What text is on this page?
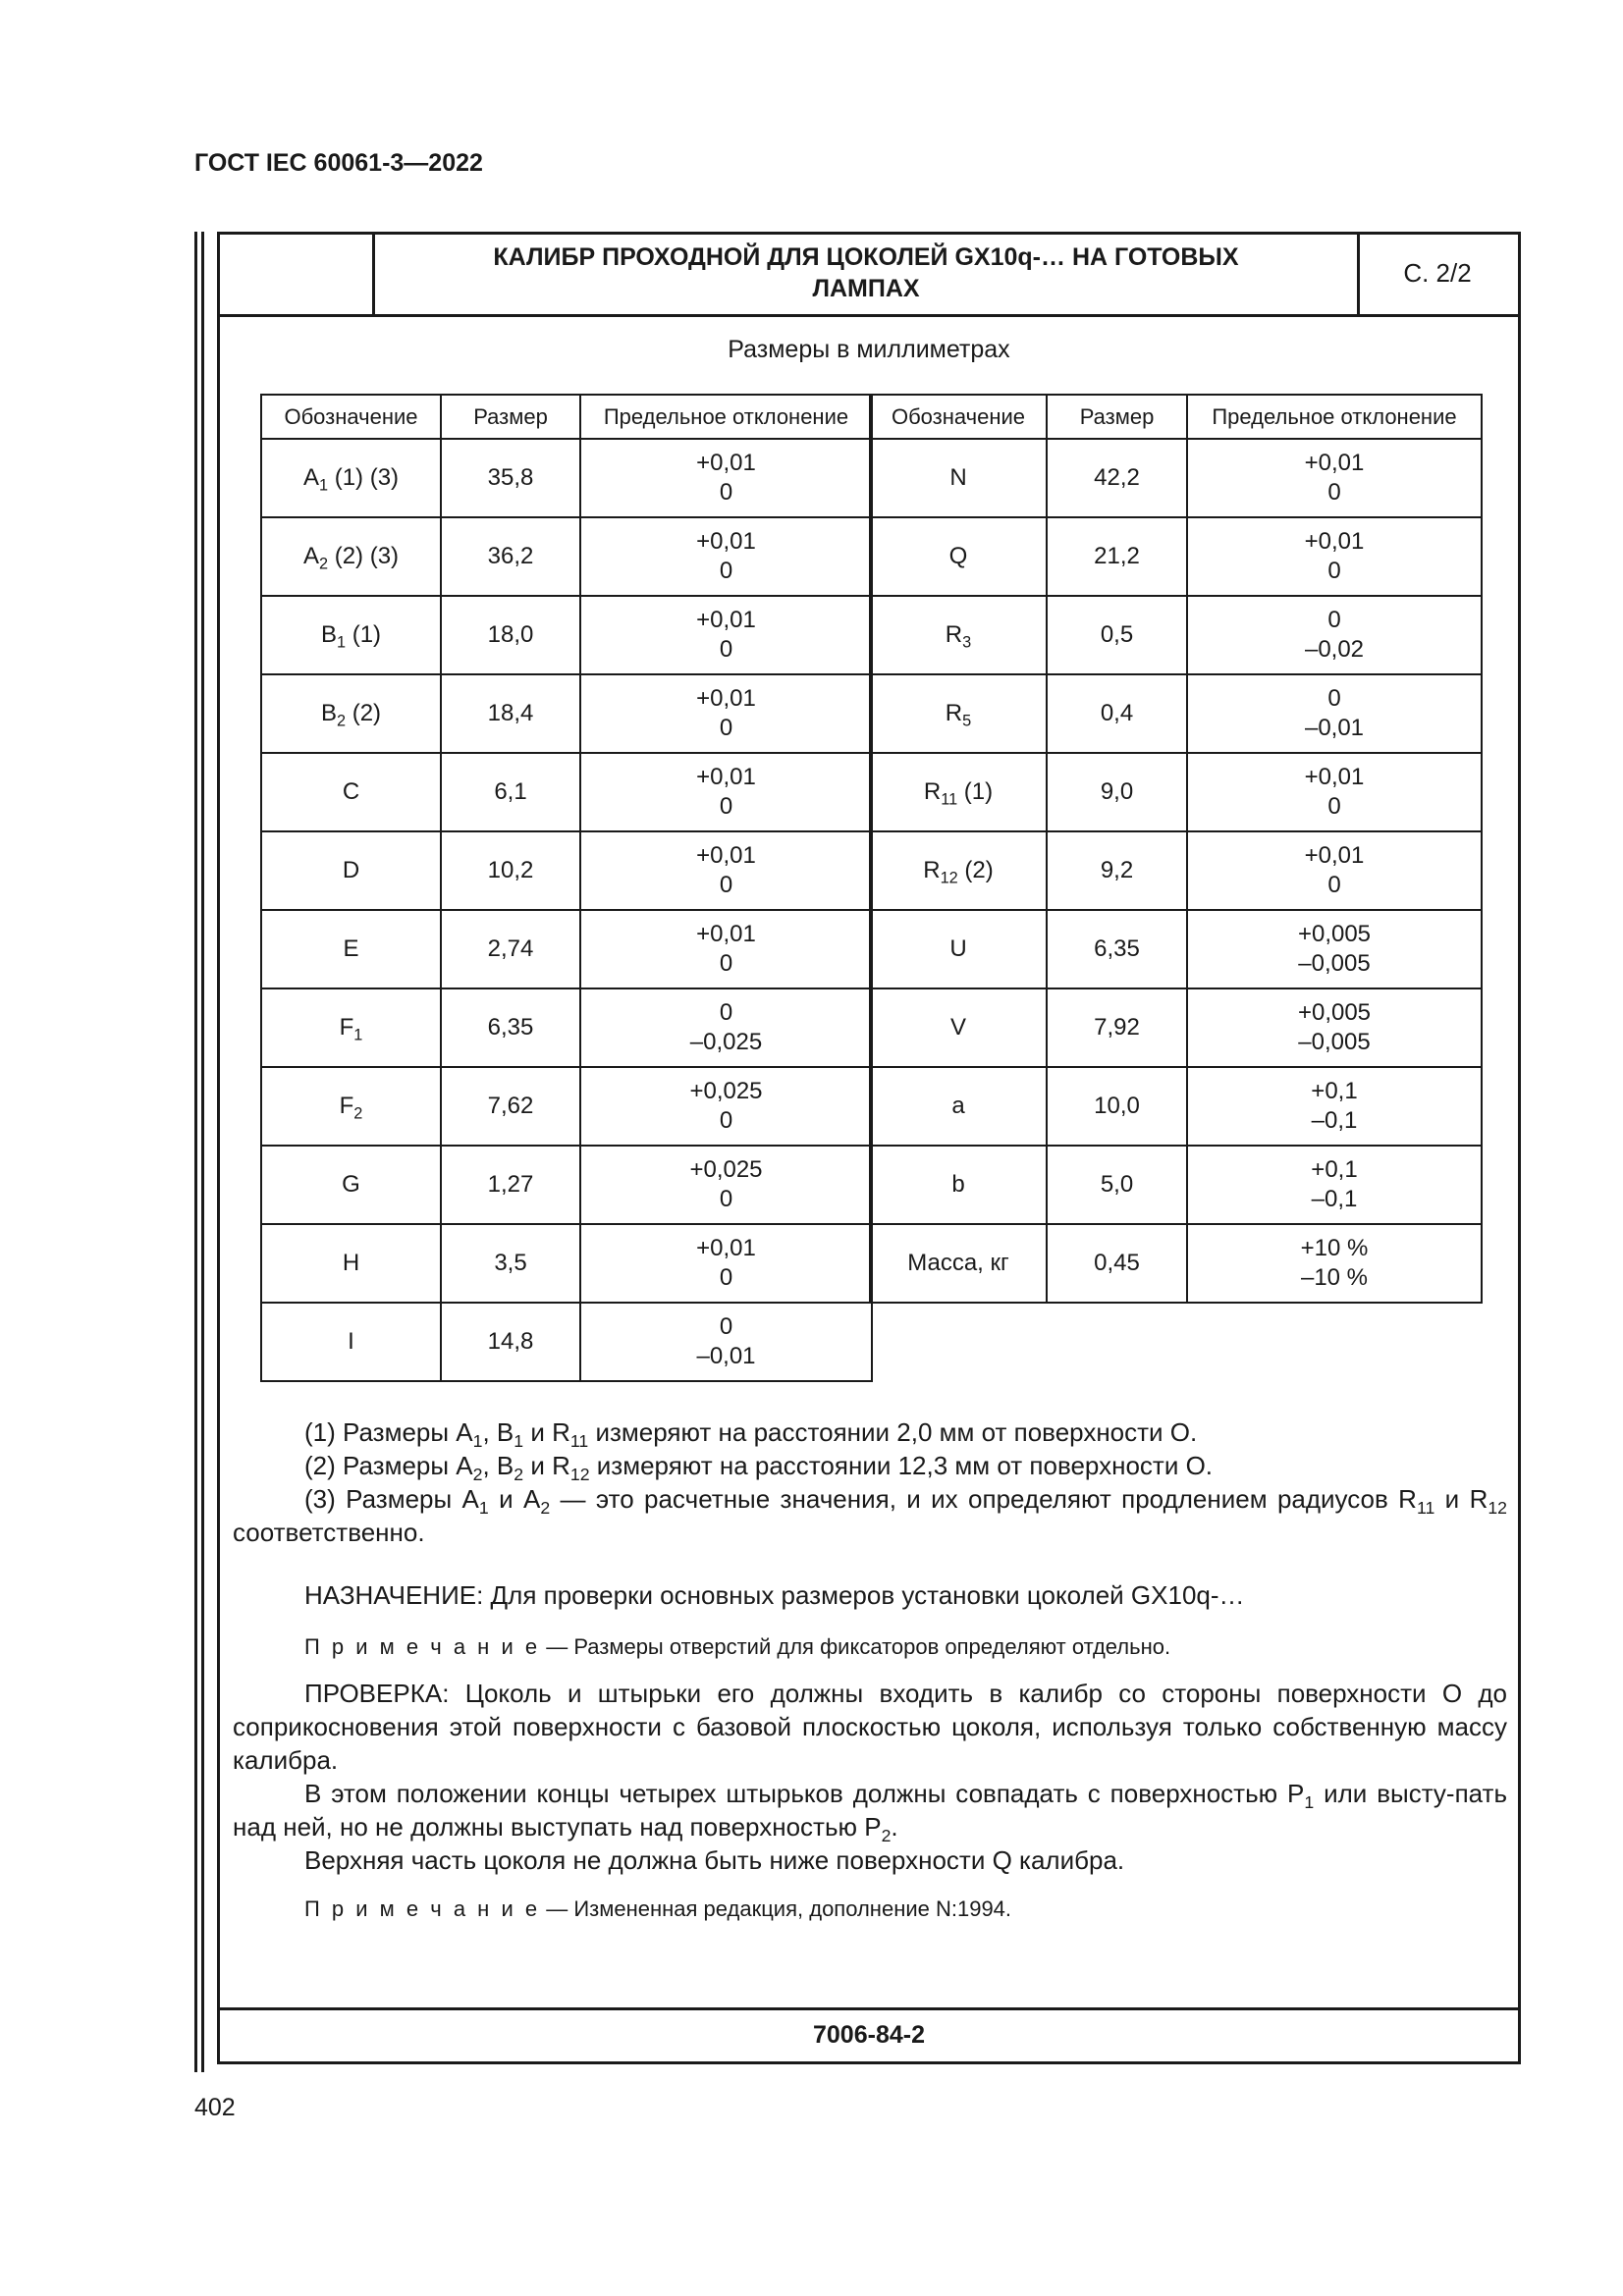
ГОСТ IEC 60061-3—2022
КАЛИБР ПРОХОДНОЙ ДЛЯ ЦОКОЛЕЙ GX10q-… НА ГОТОВЫХ ЛАМПАХ
С. 2/2
Размеры в миллиметрах
Обозначение	Размер	Предельное отклонение
$A_1$ (1) (3)	35,8	+0,01
0

$A_2$ (2) (3)	36,2	+0,01
0

$B_1$ (1)	18,0	+0,01
0

$B_2$ (2)	18,4	+0,01
0

C	6,1	+0,01
0

D	10,2	+0,01
0

E	2,74	+0,01
0

$F_1$	6,35	0
–0,025

$F_2$	7,62	+0,025
0

G	1,27	+0,025
0

H	3,5	+0,01
0

I	14,8	0
–0,01
Обозначение	Размер	Предельное отклонение
N	42,2	+0,01
0

Q	21,2	+0,01
0

$R_3$	0,5	0
–0,02

$R_5$	0,4	0
–0,01

$R_{11}$ (1)	9,0	+0,01
0

$R_{12}$ (2)	9,2	+0,01
0

U	6,35	+0,005
–0,005

V	7,92	+0,005
–0,005

a	10,0	+0,1
–0,1

b	5,0	+0,1
–0,1

Масса, кг	0,45	+10 %
–10 %

(1) Размеры $A_1$, $B_1$ и $R_{11}$ измеряют на расстоянии 2,0 мм от поверхности O.

(2) Размеры $A_2$, $B_2$ и $R_{12}$ измеряют на расстоянии 12,3 мм от поверхности O.

(3) Размеры $A_1$ и $A_2$ — это расчетные значения, и их определяют продлением радиусов $R_{11}$ и $R_{12}$ соответственно.

НАЗНАЧЕНИЕ: Для проверки основных размеров установки цоколей GX10q-…

П р и м е ч а н и е — Размеры отверстий для фиксаторов определяют отдельно.

ПРОВЕРКА: Цоколь и штырьки его должны входить в калибр со стороны поверхности O до соприкосновения этой поверхности с базовой плоскостью цоколя, используя только собственную массу калибра.

В этом положении концы четырех штырьков должны совпадать с поверхностью $P_1$ или высту-пать над ней, но не должны выступать над поверхностью $P_2$.

Верхняя часть цоколя не должна быть ниже поверхности Q калибра.

П р и м е ч а н и е — Измененная редакция, дополнение N:1994.

7006-84-2
402
